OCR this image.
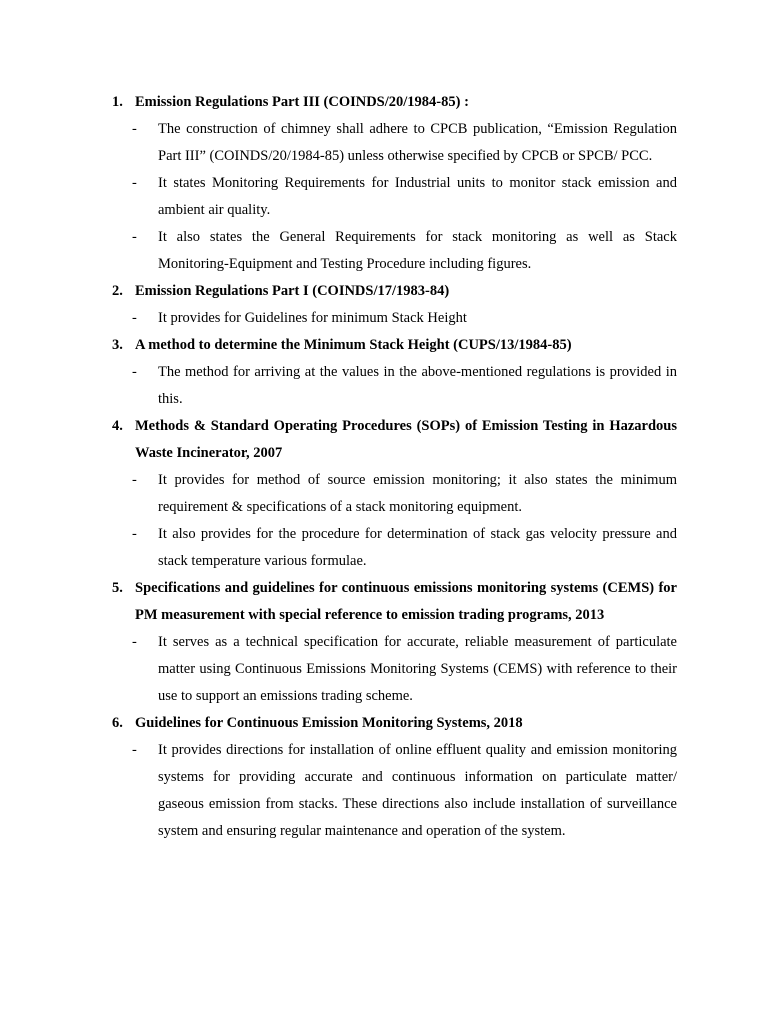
1. Emission Regulations Part III (COINDS/20/1984-85) :
- The construction of chimney shall adhere to CPCB publication, “Emission Regulation Part III” (COINDS/20/1984-85) unless otherwise specified by CPCB or SPCB/ PCC.
- It states Monitoring Requirements for Industrial units to monitor stack emission and ambient air quality.
- It also states the General Requirements for stack monitoring as well as Stack Monitoring-Equipment and Testing Procedure including figures.
2. Emission Regulations Part I (COINDS/17/1983-84)
- It provides for Guidelines for minimum Stack Height
3. A method to determine the Minimum Stack Height (CUPS/13/1984-85)
- The method for arriving at the values in the above-mentioned regulations is provided in this.
4. Methods & Standard Operating Procedures (SOPs) of Emission Testing in Hazardous Waste Incinerator, 2007
- It provides for method of source emission monitoring; it also states the minimum requirement & specifications of a stack monitoring equipment.
- It also provides for the procedure for determination of stack gas velocity pressure and stack temperature various formulae.
5. Specifications and guidelines for continuous emissions monitoring systems (CEMS) for PM measurement with special reference to emission trading programs, 2013
- It serves as a technical specification for accurate, reliable measurement of particulate matter using Continuous Emissions Monitoring Systems (CEMS) with reference to their use to support an emissions trading scheme.
6. Guidelines for Continuous Emission Monitoring Systems, 2018
- It provides directions for installation of online effluent quality and emission monitoring systems for providing accurate and continuous information on particulate matter/ gaseous emission from stacks. These directions also include installation of surveillance system and ensuring regular maintenance and operation of the system.
